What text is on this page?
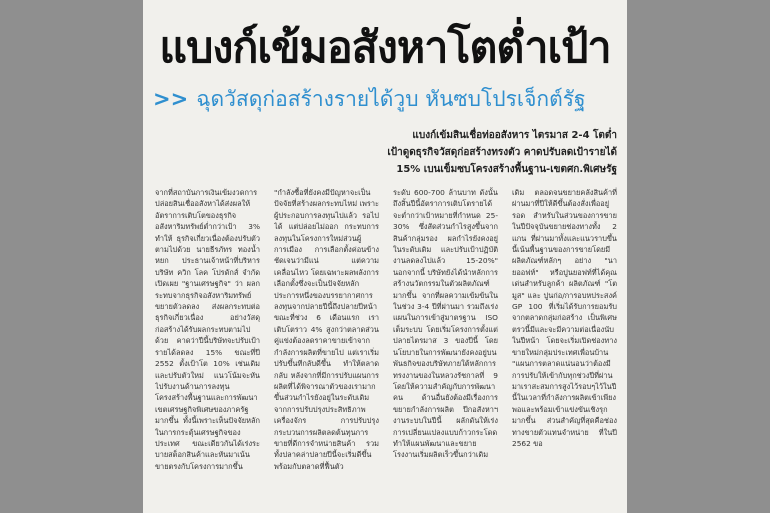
แบงก์เข้มอสังหาโตต่ำเป้า
>> ฉุดวัสดุก่อสร้างรายได้วูบ หันซบโปรเจ็กต์รัฐ
แบงก์เข้มสินเชื่อท่ออสังหาร ไตรมาส 2-4 โตต่ำ
เป้าดูดธุรกิจวัสดุก่อสร้างทรงตัว คาดปรับลดเป้ารายได้
15% เบนเข็มซบโครงสร้างพื้นฐาน-เขตศก.พิเศษรัฐ

จากที่สถาบันการเงินเข้มงวดการปล่อยสินเชื่ออสังหาได้ส่งผลให้อัตราการเติบโตของธุรกิจอสังหาริมทรัพย์ต่ำกว่าเป้า 3% ทำให้ ธุรกิจเกี่ยวเนื่องต้องปรับตัวตามไปด้วย นายธีรภัทร ทองน้ำหยก ประธานเจ้าหน้าที่บริหาร บริษัท ควิก โลค โปรดักส์ จำกัด เปิดเผย "ฐานเศรษฐกิจ" ว่า ผลกระทบจากธุรกิจอสังหาริมทรัพย์ขยายตัวลดลง ส่งผลกระทบต่อธุรกิจเกี่ยวเนื่อง อย่างวัสดุก่อสร้างได้รับผลกระทบตามไปด้วย คาดว่าปีนี้บริษัทจะปรับเป้ารายได้ลดลง 15% ขณะที่ปี 2552 ตั้งเป้าโต 10% เช่นเดิมและปรับตัวใหม่ แนวโน้มจะหันไปรับงานด้านการลงทุนโครงสร้างพื้นฐานและการพัฒนาเขตเศรษฐกิจพิเศษของภาครัฐมากขึ้น ทั้งนี้เพราะเห็นปัจจัยหลักในการกระตุ้นเศรษฐกิจของประเทศ ขณะเดียวกันได้เร่งระบายสต็อกสินค้าและหันมาเน้นขายตรงกับโครงการมากขึ้น

"กำลังซื้อที่ยังคงมีปัญหาจะเป็นปัจจัยที่สร้างผลกระทบไหม่ เพราะผู้ประกอบการลงทุนไปแล้ว รอไปได้ แต่ปล่อยไม่ออก กระทบการลงทุนในโครงการใหม่ส่วนผู้การเมือง การเลือกตั้งค่อนข้างชัดเจนว่ามีแน่ แต่ความเคลื่อนไหว โดยเฉพาะผลพลังการเลือกตั้งซึ่งจะเป็นปัจจัยหลักประการหนึ่งของบรรยากาศการลงทุนจากปลายปีนี้ถึงปลายปีหน้า ขณะที่ช่วง 6 เดือนแรก เราเติบโตราว 4% สูงกว่าตลาดส่วนคู่แข่งต้องลดราคาขายเข้าจากกำลังการผลิตที่ขายไป แต่เราเริ่มปรับขึ้นทีกลับดีขึ้น ทำให้ตลาดกลับ หลังจากที่มีการปรับแผนการผลิตที่ได้พิจารณาตัวของเรามากขึ้นส่วนกำไรยังอยู่ในระดับเดิม จากการปรับปรุงประสิทธิภาพเครื่องจักร การปรับปรุงกระบวนการผลิตลดต้นทุนการขายที่ดีการจำหน่ายสินค้า รวมทั้งปลาคล่าปลายปีนี้จะเริ่มดีขึ้นพร้อมกับตลาดที่ฟื้นตัว

ระดับ 600-700 ล้านบาท ดังนั้นถึงสิ้นปีนี้อัตราการเติบโตรายได้จะต่ำกว่าเป้าหมายที่กำหนด 25-30% ซึ่งสัดส่วนกำไรสูงขึ้นจากสินค้ากลุ่มรอง ผลกำไรยังคงอยู่ในระดับเดิม และปรับเป้าปฏิบัติงานลดลงไปแล้ว 15-20%" นอกจากนี้ บริษัทยังได้นำหลักการสร้างนวัตกรรมในตัวผลิตภัณฑ์มากขึ้น จากที่ผลความเข้มข้นในในช่วง 3-4 ปีที่ผ่านมา รวมถึงเร่งแผนในการเข้าสู่มาตรฐาน ISO เต็มระบบ โดยเริ่มโครงการตั้งแต่ปลายไตรมาส 3 ของปีนี้ โดยนโยบายในการพัฒนายังคงอยู่บนพันธกิจของบริษัทภายใต้หลักการทรงงานของในหลวงรัชกาลที่ 9 โดยให้ความสำคัญกับการพัฒนาคน ด้านอื่นยังต้องมีเรื่องการขยายกำลังการผลิต ปีกอสังหาฯ งานระบบในปีนี้ ผลักดันให้เร่งการเปลี่ยนแปลงแบบก้าวกระโดด ทำให้แผนพัฒนาและขยายโรงงานเริ่มผลิตเร็วขึ้นกว่าเดิม

เดิม ตลอดจนขยายคลังสินค้าที่ผ่านมาที่ปีให้ดีขึ้นต้องสั่งเพื่ออยู่รอด สำหรับในส่วนของการขายในปีปัจจุบันขยายช่องทางทั้ง 2 แกน ที่ผ่านมาทั้งและแนวราบขึ้นนี้เน้นพื้นฐานของการขายโดยมีผลิตภัณฑ์หลักๆ อย่าง "นายออฟท์" หรือปูนยอฟท์ที่ได้คุณเด่นสำหรับลูกค้า ผลิตภัณฑ์ "โตมูส" และ ปูนก่อ/การอบหประสงค์ GP 100 ที่เริ่มได้รับการยอมรับจากตลาดกลุ่มก่อสร้าง เป็นพิเศษตรวนี้มีและจะมีความต่อเนื่องนับในปีหน้า โดยจะเริ่มเปิดช่องทางขายใหม่กลุ่มประเทศเพื่อนบ้าน "แผนการตลาดแน่นอนว่าต้องมีการปรับให้เข้ากับทุกช่วงปีที่ผ่านมาเราสะสมการสูงไว้รอบๆไว้ในปีนี้ในเวลาที่กำลังการผลิตเข้าเพียงพอและพร้อมเข้าแข่งขันเชิงรุกมากขึ้น ส่วนสำคัญที่สุดคือช่องทางขายตัวแทนจำหน่าย ที่ในปี 2562 ขอ
